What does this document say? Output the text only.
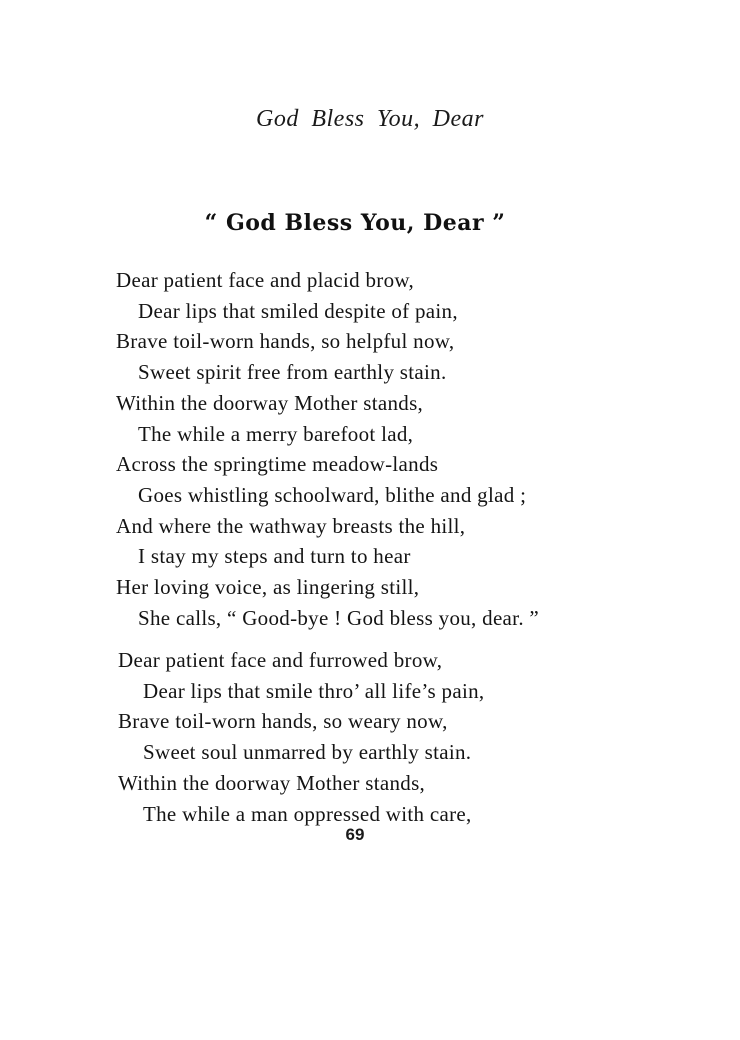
God Bless You, Dear
“ God Bless You, Dear ”
Dear patient face and placid brow,
Dear lips that smiled despite of pain,
Brave toil-worn hands, so helpful now,
Sweet spirit free from earthly stain.
Within the doorway Mother stands,
The while a merry barefoot lad,
Across the springtime meadow-lands
Goes whistling schoolward, blithe and glad ;
And where the wathway breasts the hill,
I stay my steps and turn to hear
Her loving voice, as lingering still,
She calls, “ Good-bye ! God bless you, dear. ”
Dear patient face and furrowed brow,
Dear lips that smile thro’ all life’s pain,
Brave toil-worn hands, so weary now,
Sweet soul unmarred by earthly stain.
Within the doorway Mother stands,
The while a man oppressed with care,
69
